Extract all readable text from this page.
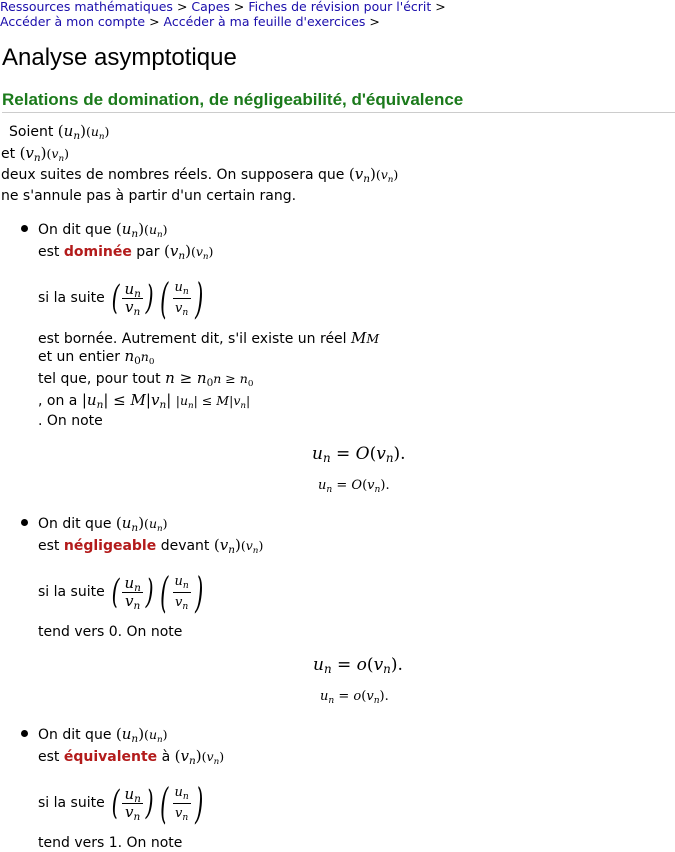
Ressources mathématiques > Capes > Fiches de révision pour l'écrit >
Accéder à mon compte > Accéder à ma feuille d'exercices >
Analyse asymptotique
Relations de domination, de négligeabilité, d'équivalence
Soient $(u_n)(u_n)$
et $(v_n)(v_n)$
deux suites de nombres réels. On supposera que $(v_n)(v_n)$
ne s'annule pas à partir d'un certain rang.
On dit que $(u_n)(u_n)$
est dominée par $(v_n)(v_n)$
si la suite ( $\frac{u_n}{v_n}$ ) ( $\frac{u_n}{v_n}$ )
est bornée. Autrement dit, s'il existe un réel MM
et un entier $n_0n_0$
tel que, pour tout $n \ge n_0n \ge n_0$
, on a $|u_n| \le M|v_n|$ $|u_n| \le M|v_n|$
. On note
$u_n = O(v_n)$.
$u_n = O(v_n)$.
On dit que $(u_n)(u_n)$
est négligeable devant $(v_n)(v_n)$
si la suite ( $\frac{u_n}{v_n}$ ) ( $\frac{u_n}{v_n}$ )
tend vers 0. On note
$u_n = o(v_n)$.
$u_n = o(v_n)$.
On dit que $(u_n)(u_n)$
est équivalente à $(v_n)(v_n)$
si la suite ( $\frac{u_n}{v_n}$ ) ( $\frac{u_n}{v_n}$ )
tend vers 1. On note
